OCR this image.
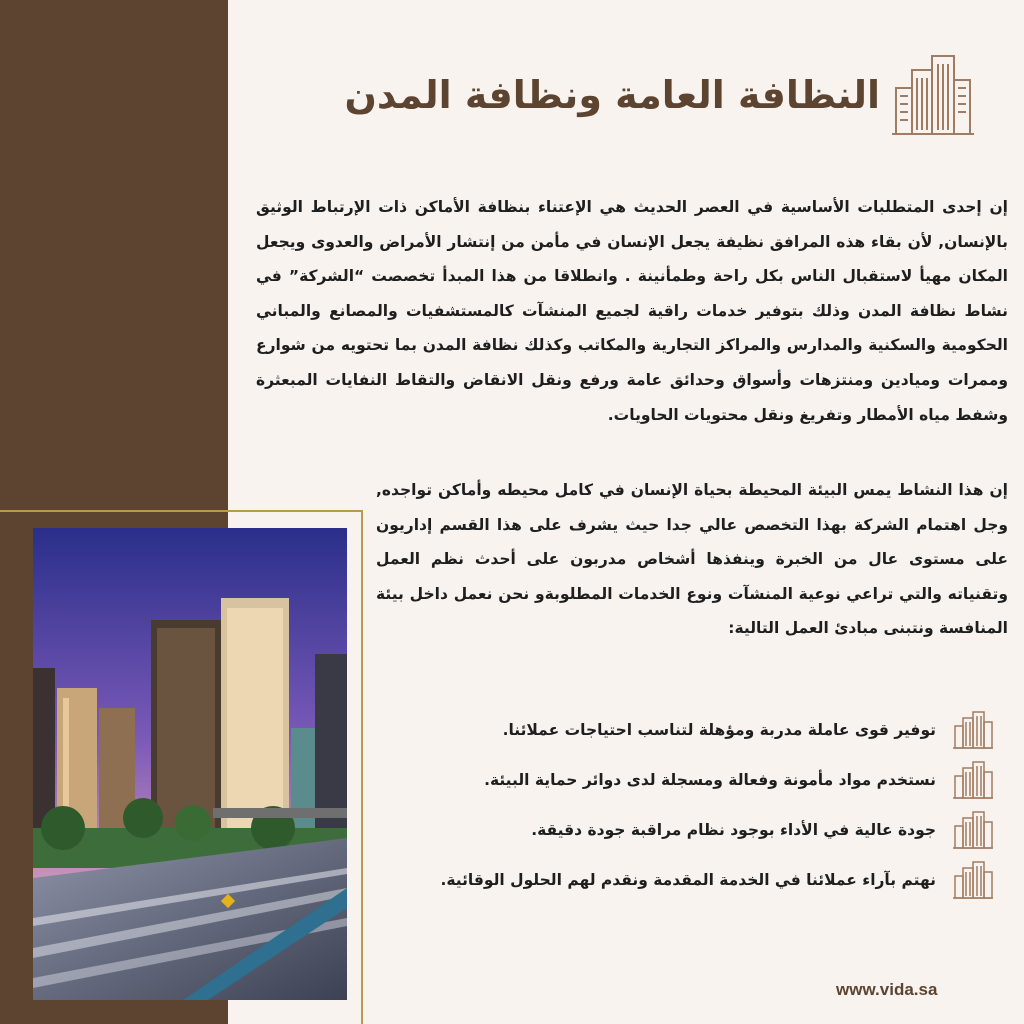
النظافة العامة ونظافة المدن

إن إحدى المتطلبات الأساسية في العصر الحديث هي الإعتناء بنظافة الأماكن ذات الإرتباط الوثيق بالإنسان, لأن بقاء هذه المرافق نظيفة يجعل الإنسان في مأمن من إنتشار الأمراض والعدوى ويجعل المكان مهيأ لاستقبال الناس بكل راحة وطمأنينة . وانطلاقا من هذا المبدأ تخصصت “الشركة” في نشاط نظافة المدن وذلك بتوفير خدمات راقية لجميع المنشآت كالمستشفيات والمصانع والمباني الحكومية والسكنية والمدارس والمراكز التجارية والمكاتب وكذلك نظافة المدن بما تحتويه من شوارع وممرات وميادين ومنتزهات وأسواق وحدائق عامة ورفع ونقل الانقاض والتقاط النفايات المبعثرة وشفط مياه الأمطار وتفريغ ونقل محتويات الحاويات.

إن هذا النشاط يمس البيئة المحيطة بحياة الإنسان في كامل محيطه وأماكن تواجده, وجل اهتمام الشركة بهذا التخصص عالي جدا حيث يشرف على هذا القسم إداريون على مستوى عال من الخبرة وينفذها أشخاص مدربون على أحدث نظم العمل وتقنياته والتي تراعي نوعية المنشآت ونوع الخدمات المطلوبةو نحن نعمل داخل بيئة المنافسة ونتبنى مبادئ العمل التالية:

توفير قوى عاملة مدربة ومؤهلة لتناسب احتياجات عملائنا.
نستخدم مواد مأمونة وفعالة ومسجلة لدى دوائر حماية البيئة.
جودة عالية في الأداء بوجود نظام مراقبة جودة دقيقة.
نهتم بآراء عملائنا في الخدمة المقدمة ونقدم لهم الحلول الوقائية.
www.vida.sa
